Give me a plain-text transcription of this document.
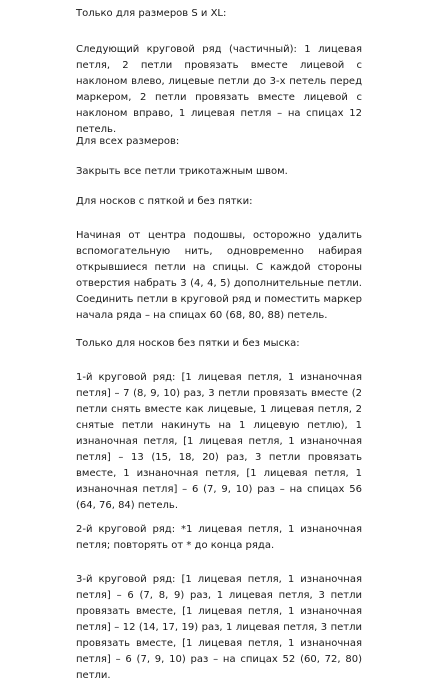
Только для размеров S и XL:

Следующий круговой ряд (частичный): 1 лицевая петля, 2 петли провязать вместе лицевой с наклоном влево, лицевые петли до 3-х петель перед маркером, 2 петли провязать вместе лицевой с наклоном вправо, 1 лицевая петля – на спицах 12 петель.

Для всех размеров:

Закрыть все петли трикотажным швом.

Для носков с пяткой и без пятки:

Начиная от центра подошвы, осторожно удалить вспомогательную нить, одновременно набирая открывшиеся петли на спицы. С каждой стороны отверстия набрать 3 (4, 4, 5) дополнительные петли. Соединить петли в круговой ряд и поместить маркер начала ряда – на спицах 60 (68, 80, 88) петель.

Только для носков без пятки и без мыска:

1-й круговой ряд: [1 лицевая петля, 1 изнаночная петля] – 7 (8, 9, 10) раз, 3 петли провязать вместе (2 петли снять вместе как лицевые, 1 лицевая петля, 2 снятые петли накинуть на 1 лицевую петлю), 1 изнаночная петля, [1 лицевая петля, 1 изнаночная петля] – 13 (15, 18, 20) раз, 3 петли провязать вместе, 1 изнаночная петля, [1 лицевая петля, 1 изнаночная петля] – 6 (7, 9, 10) раз – на спицах 56 (64, 76, 84) петель.

2-й круговой ряд: *1 лицевая петля, 1 изнаночная петля; повторять от * до конца ряда.

3-й круговой ряд: [1 лицевая петля, 1 изнаночная петля] – 6 (7, 8, 9) раз, 1 лицевая петля, 3 петли провязать вместе, [1 лицевая петля, 1 изнаночная петля] – 12 (14, 17, 19) раз, 1 лицевая петля, 3 петли провязать вместе, [1 лицевая петля, 1 изнаночная петля] – 6 (7, 9, 10) раз – на спицах 52 (60, 72, 80) петли.
